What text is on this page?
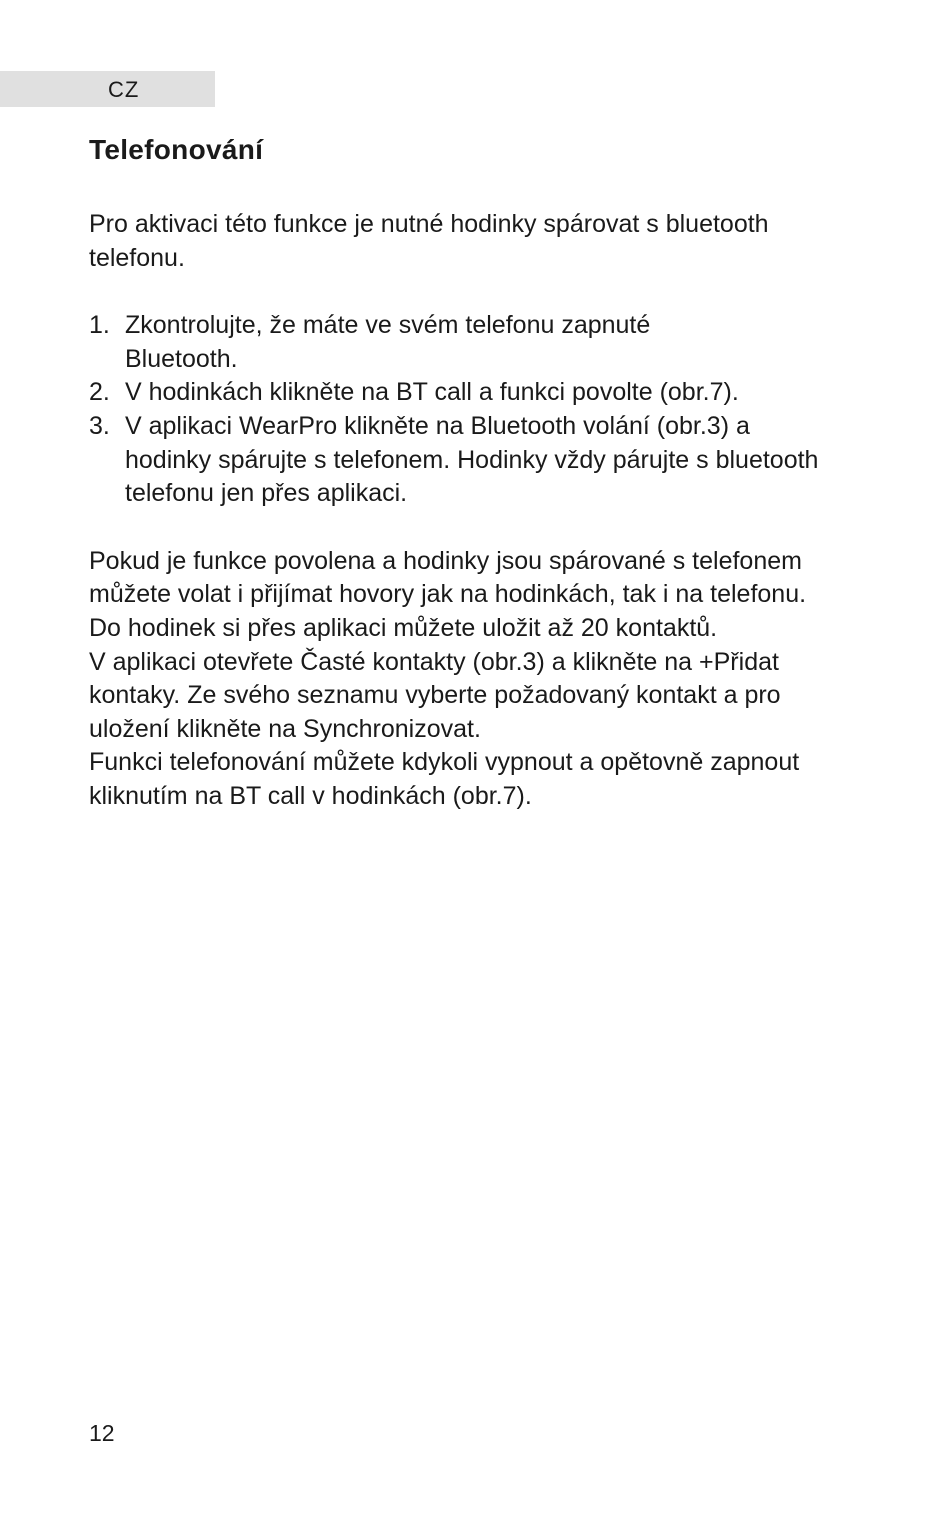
CZ
Telefonování

Pro aktivaci této funkce je nutné hodinky spárovat s bluetooth telefonu.

1. Zkontrolujte, že máte ve svém telefonu zapnuté Bluetooth.
2. V hodinkách klikněte na BT call a funkci povolte (obr.7).
3. V aplikaci WearPro klikněte na Bluetooth volání (obr.3) a hodinky spárujte s telefonem. Hodinky vždy párujte s bluetooth telefonu jen přes aplikaci.

Pokud je funkce povolena a hodinky jsou spárované s telefonem můžete volat i přijímat hovory jak na hodinkách, tak i na telefonu.

Do hodinek si přes aplikaci můžete uložit až 20 kontaktů.

V aplikaci otevřete Časté kontakty (obr.3) a klikněte na +Přidat kontaky. Ze svého seznamu vyberte požadovaný kontakt a pro uložení klikněte na Synchronizovat.

Funkci telefonování můžete kdykoli vypnout a opětovně zapnout kliknutím na BT call v hodinkách (obr.7).

12
